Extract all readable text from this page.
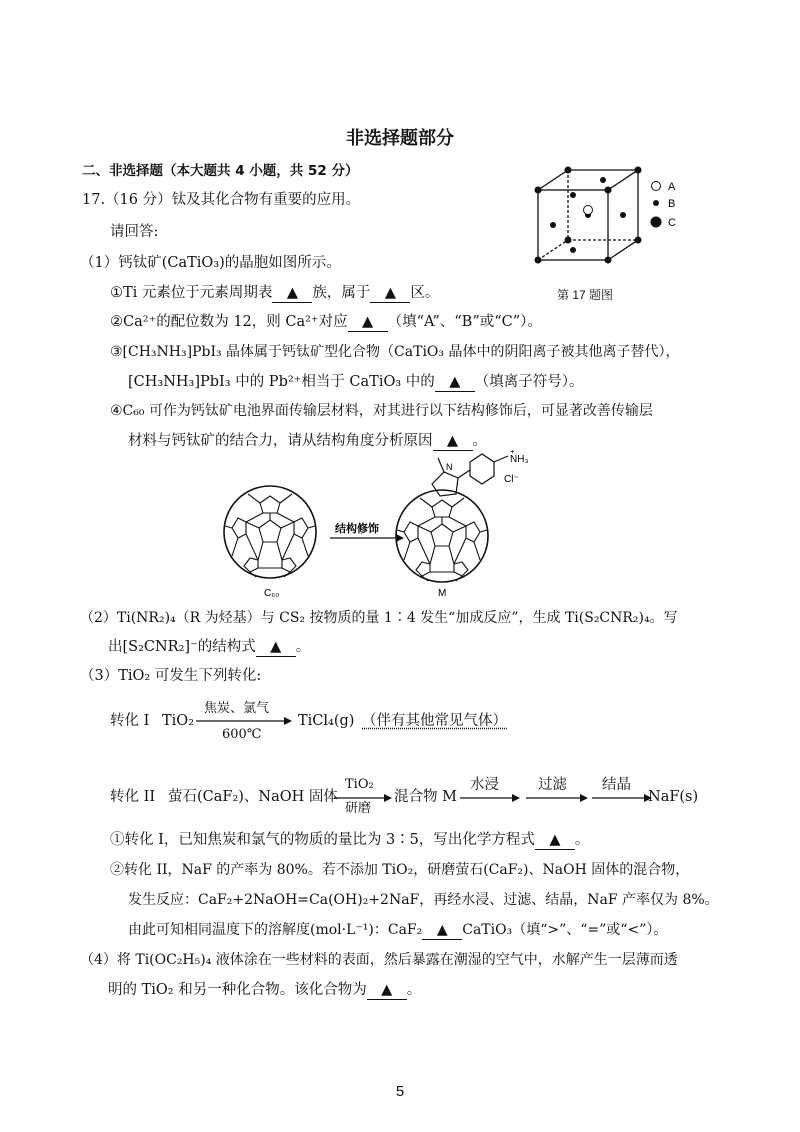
非选择题部分
二、非选择题（本大题共 4 小题，共 52 分）
17.（16 分）钛及其化合物有重要的应用。
请回答:
（1）钙钛矿(CaTiO₃)的晶胞如图所示。
①Ti 元素位于元素周期表 ▲ 族，属于 ▲ 区。
②Ca²⁺的配位数为 12，则 Ca²⁺对应 ▲ （填“A”、“B”或“C”）。
③[CH₃NH₃]PbI₃ 晶体属于钙钛矿型化合物（CaTiO₃ 晶体中的阴阳离子被其他离子替代），
[CH₃NH₃]PbI₃ 中的 Pb²⁺相当于 CaTiO₃ 中的 ▲ （填离子符号）。
④C₆₀ 可作为钙钛矿电池界面传输层材料，对其进行以下结构修饰后，可显著改善传输层
材料与钙钛矿的结合力，请从结构角度分析原因 ▲ 。
A
B
C
第 17 题图
结构修饰
N
NH₃
+
Cl⁻
C₆₀	M
（2）Ti(NR₂)₄（R 为烃基）与 CS₂ 按物质的量 1∶4 发生“加成反应”，生成 Ti(S₂CNR₂)₄。写
出[S₂CNR₂]⁻的结构式 ▲ 。
（3）TiO₂ 可发生下列转化:
转化 I TiO₂
焦炭、氯气
600℃
TiCl₄(g) （伴有其他常见气体）
转化 II 萤石(CaF₂)、NaOH 固体
TiO₂
研磨
混合物 M
水浸	过滤 结晶
NaF(s)
①转化 I，已知焦炭和氯气的物质的量比为 3∶5，写出化学方程式 ▲ 。
②转化 II，NaF 的产率为 80%。若不添加 TiO₂，研磨萤石(CaF₂)、NaOH 固体的混合物，
发生反应：CaF₂+2NaOH=Ca(OH)₂+2NaF，再经水浸、过滤、结晶，NaF 产率仅为 8%。
由此可知相同温度下的溶解度(mol·L⁻¹)：CaF₂ ▲ CaTiO₃（填“>”、“=”或“<”）。
（4）将 Ti(OC₂H₅)₄ 液体涂在一些材料的表面，然后暴露在潮湿的空气中，水解产生一层薄而透
明的 TiO₂ 和另一种化合物。该化合物为 ▲ 。
5
